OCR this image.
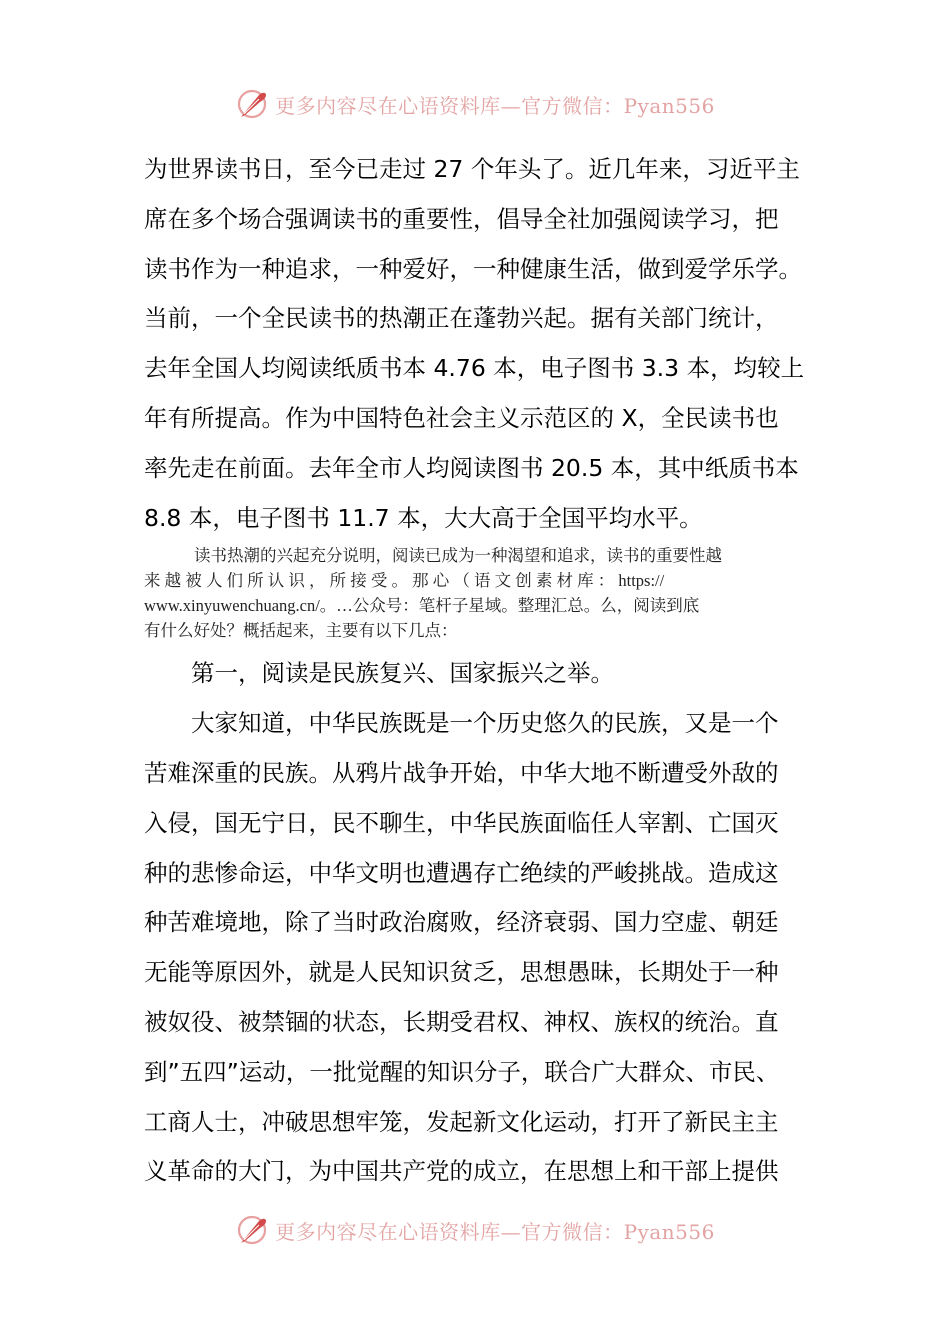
更多内容尽在心语资料库—官方微信：Pyan556

为世界读书日，至今已走过 27 个年头了。近几年来，习近平主

席在多个场合强调读书的重要性，倡导全社加强阅读学习，把

读书作为一种追求，一种爱好，一种健康生活，做到爱学乐学。

当前，一个全民读书的热潮正在蓬勃兴起。据有关部门统计，

去年全国人均阅读纸质书本 4.76 本，电子图书 3.3 本，均较上

年有所提高。作为中国特色社会主义示范区的 X，全民读书也

率先走在前面。去年全市人均阅读图书 20.5 本，其中纸质书本

8.8 本，电子图书 11.7 本，大大高于全国平均水平。

读书热潮的兴起充分说明，阅读已成为一种渴望和追求，读书的重要性越
来 越 被 人 们 所 认 识 ， 所 接 受 。 那 心 （ 语 文 创 素 材 库 ： https://
www.xinyuwenchuang.cn/。…公众号：笔杆子星域。整理汇总。么，阅读到底
有什么好处？概括起来，主要有以下几点：

第一，阅读是民族复兴、国家振兴之举。

大家知道，中华民族既是一个历史悠久的民族，又是一个

苦难深重的民族。从鸦片战争开始，中华大地不断遭受外敌的

入侵，国无宁日，民不聊生，中华民族面临任人宰割、亡国灭

种的悲惨命运，中华文明也遭遇存亡绝续的严峻挑战。造成这

种苦难境地，除了当时政治腐败，经济衰弱、国力空虚、朝廷

无能等原因外，就是人民知识贫乏，思想愚昧，长期处于一种

被奴役、被禁锢的状态，长期受君权、神权、族权的统治。直

到”五四”运动，一批觉醒的知识分子，联合广大群众、市民、

工商人士，冲破思想牢笼，发起新文化运动，打开了新民主主

义革命的大门，为中国共产党的成立，在思想上和干部上提供

更多内容尽在心语资料库—官方微信：Pyan556
